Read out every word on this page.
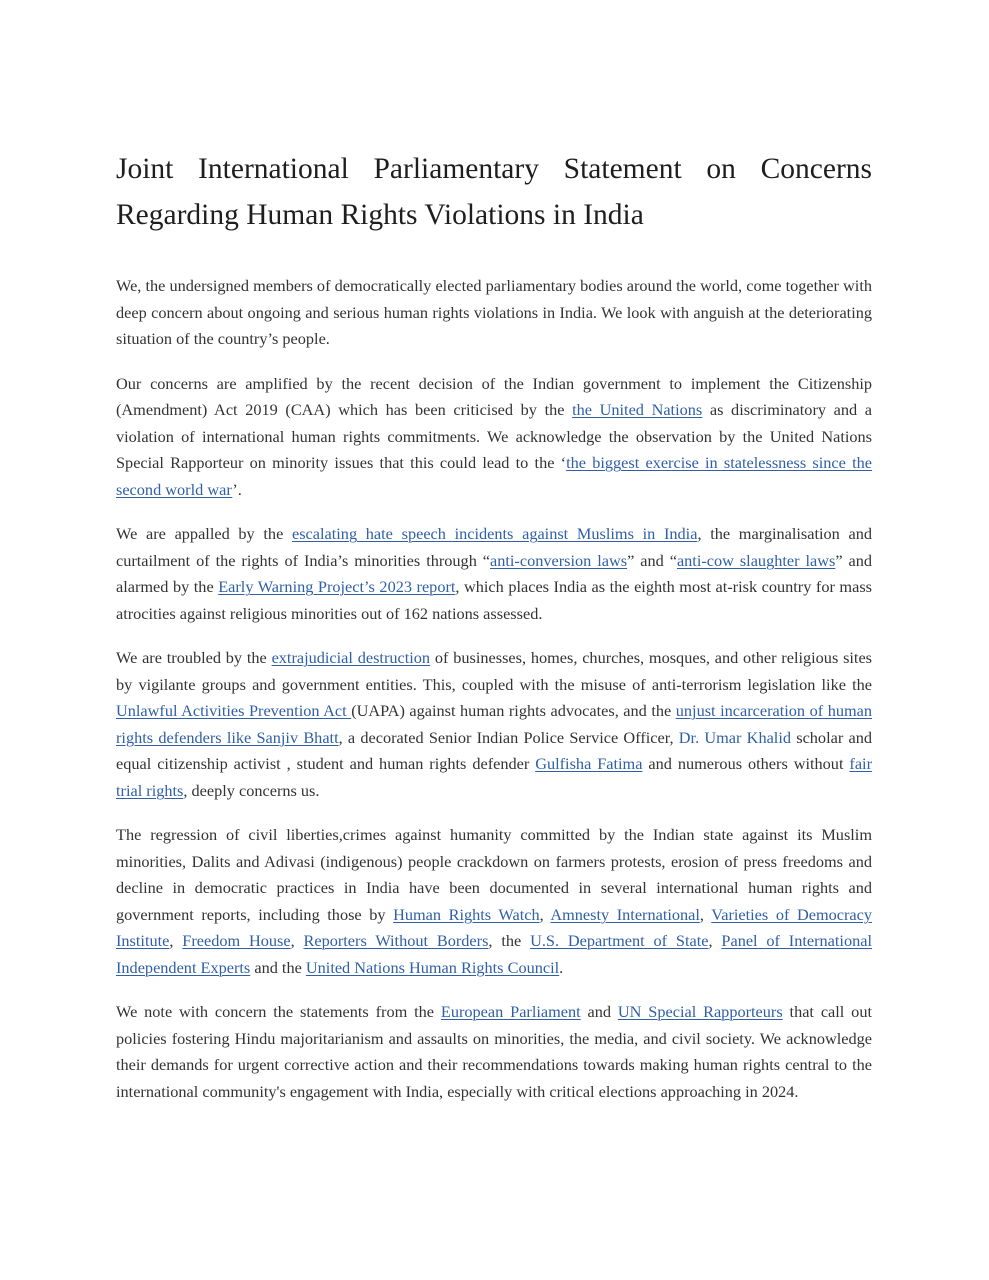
Joint International Parliamentary Statement on Concerns
Regarding Human Rights Violations in India

We, the undersigned members of democratically elected parliamentary bodies around the world, come together with deep concern about ongoing and serious human rights violations in India. We look with anguish at the deteriorating situation of the country’s people.

Our concerns are amplified by the recent decision of the Indian government to implement the Citizenship (Amendment) Act 2019 (CAA) which has been criticised by the the United Nations as discriminatory and a violation of international human rights commitments. We acknowledge the observation by the United Nations Special Rapporteur on minority issues that this could lead to the ‘the biggest exercise in statelessness since the second world war’.

We are appalled by the escalating hate speech incidents against Muslims in India, the marginalisation and curtailment of the rights of India’s minorities through “anti-conversion laws” and “anti-cow slaughter laws” and alarmed by the Early Warning Project’s 2023 report, which places India as the eighth most at-risk country for mass atrocities against religious minorities out of 162 nations assessed.

We are troubled by the extrajudicial destruction of businesses, homes, churches, mosques, and other religious sites by vigilante groups and government entities. This, coupled with the misuse of anti-terrorism legislation like the Unlawful Activities Prevention Act (UAPA) against human rights advocates, and the unjust incarceration of human rights defenders like Sanjiv Bhatt, a decorated Senior Indian Police Service Officer, Dr. Umar Khalid scholar and equal citizenship activist , student and human rights defender Gulfisha Fatima and numerous others without fair trial rights, deeply concerns us.

The regression of civil liberties,crimes against humanity committed by the Indian state against its Muslim minorities, Dalits and Adivasi (indigenous) people crackdown on farmers protests, erosion of press freedoms and decline in democratic practices in India have been documented in several international human rights and government reports, including those by Human Rights Watch, Amnesty International, Varieties of Democracy Institute, Freedom House, Reporters Without Borders, the U.S. Department of State, Panel of International Independent Experts and the United Nations Human Rights Council.

We note with concern the statements from the European Parliament and UN Special Rapporteurs that call out policies fostering Hindu majoritarianism and assaults on minorities, the media, and civil society. We acknowledge their demands for urgent corrective action and their recommendations towards making human rights central to the international community's engagement with India, especially with critical elections approaching in 2024.
